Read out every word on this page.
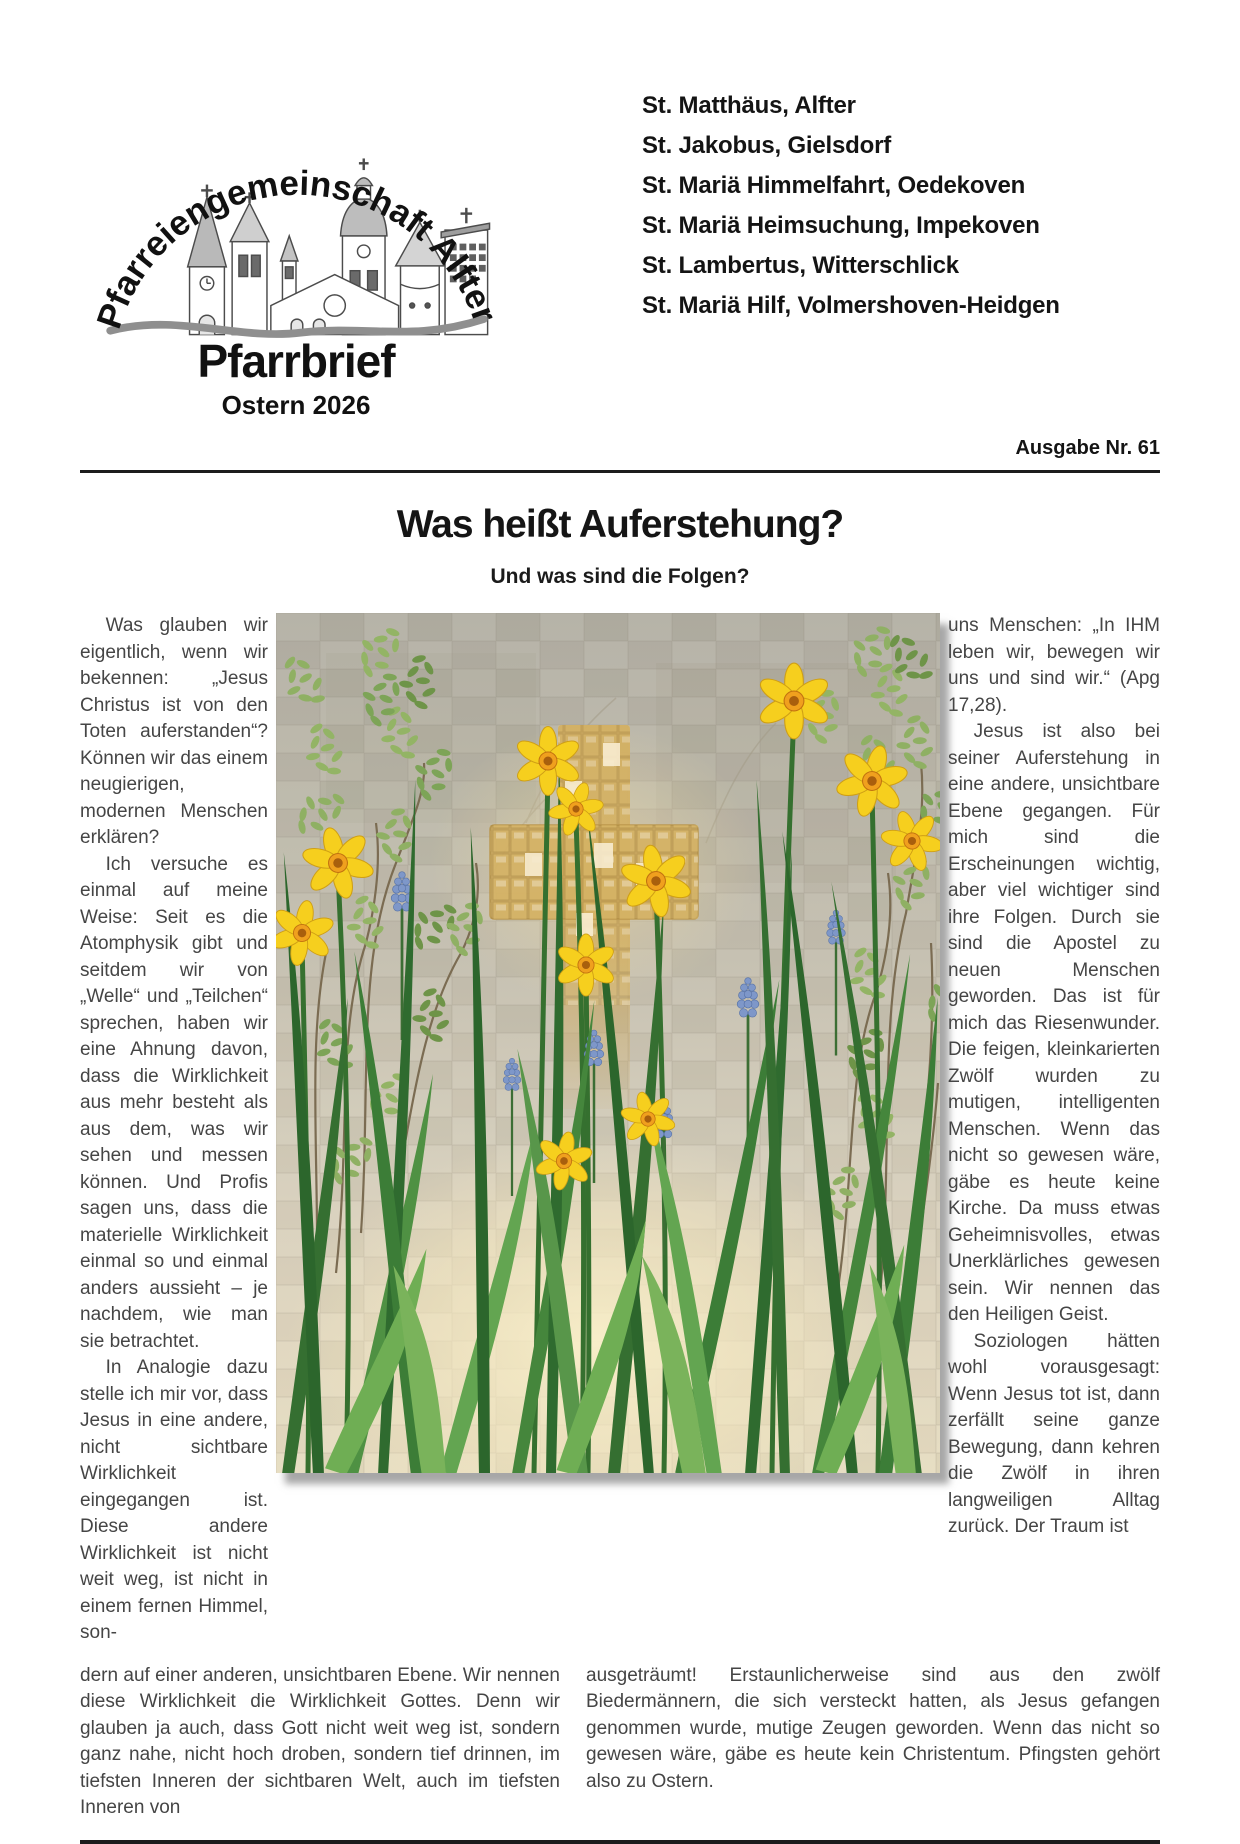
Pfarreiengemeinschaft Alfter
Pfarrbrief
Ostern 2026
St. Matthäus, Alfter
St. Jakobus, Gielsdorf
St. Mariä Himmelfahrt, Oedekoven
St. Mariä Heimsuchung, Impekoven
St. Lambertus, Witterschlick
St. Mariä Hilf, Volmershoven-Heidgen
Ausgabe Nr. 61
Was heißt Auferstehung?
Und was sind die Folgen?

Was glauben wir eigentlich, wenn wir bekennen: „Jesus Christus ist von den Toten auferstanden“? Können wir das einem neugierigen, modernen Menschen erklären?

Ich versuche es einmal auf meine Weise: Seit es die Atomphysik gibt und seitdem wir von „Welle“ und „Teilchen“ sprechen, haben wir eine Ahnung davon, dass die Wirklichkeit aus mehr besteht als aus dem, was wir sehen und messen können. Und Profis sagen uns, dass die materielle Wirklichkeit einmal so und einmal anders aussieht – je nachdem, wie man sie betrachtet.

In Analogie dazu stelle ich mir vor, dass Jesus in eine andere, nicht sichtbare Wirklichkeit eingegangen ist. Diese andere Wirklichkeit ist nicht weit weg, ist nicht in einem fernen Himmel, son-

uns Menschen: „In IHM leben wir, bewegen wir uns und sind wir.“ (Apg 17,28).

Jesus ist also bei seiner Auferstehung in eine andere, unsichtbare Ebene gegangen. Für mich sind die Erscheinungen wichtig, aber viel wichtiger sind ihre Folgen. Durch sie sind die Apostel zu neuen Menschen geworden. Das ist für mich das Riesenwunder. Die feigen, kleinkarierten Zwölf wurden zu mutigen, intelligenten Menschen. Wenn das nicht so gewesen wäre, gäbe es heute keine Kirche. Da muss etwas Geheimnisvolles, etwas Unerklärliches gewesen sein. Wir nennen das den Heiligen Geist.

Soziologen hätten wohl vorausgesagt: Wenn Jesus tot ist, dann zerfällt seine ganze Bewegung, dann kehren die Zwölf in ihren langweiligen Alltag zurück. Der Traum ist

dern auf einer anderen, unsichtbaren Ebene. Wir nennen diese Wirklichkeit die Wirklichkeit Gottes. Denn wir glauben ja auch, dass Gott nicht weit weg ist, sondern ganz nahe, nicht hoch droben, sondern tief drinnen, im tiefsten Inneren der sichtbaren Welt, auch im tiefsten Inneren von

ausgeträumt! Erstaunlicherweise sind aus den zwölf Biedermännern, die sich versteckt hatten, als Jesus gefangen genommen wurde, mutige Zeugen geworden. Wenn das nicht so gewesen wäre, gäbe es heute kein Christentum. Pfingsten gehört also zu Ostern.
